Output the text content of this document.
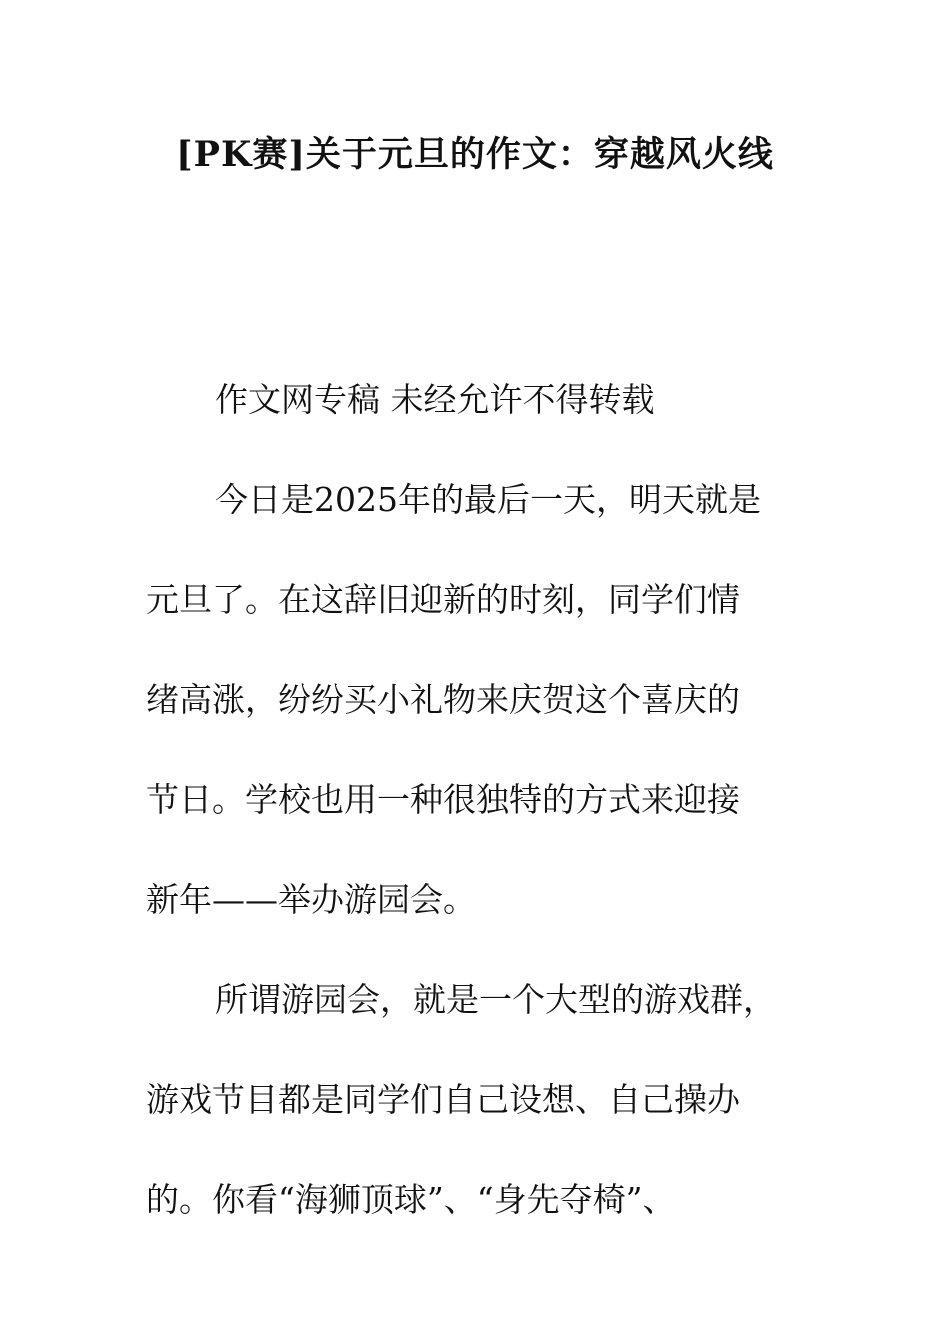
[PK赛]关于元旦的作文：穿越风火线
作文网专稿 未经允许不得转载
今日是2025年的最后一天，明天就是
元旦了。在这辞旧迎新的时刻，同学们情
绪高涨，纷纷买小礼物来庆贺这个喜庆的
节日。学校也用一种很独特的方式来迎接
新年——举办游园会。
所谓游园会，就是一个大型的游戏群，
游戏节目都是同学们自己设想、自己操办
的。你看“海狮顶球”、“身先夺椅”、
